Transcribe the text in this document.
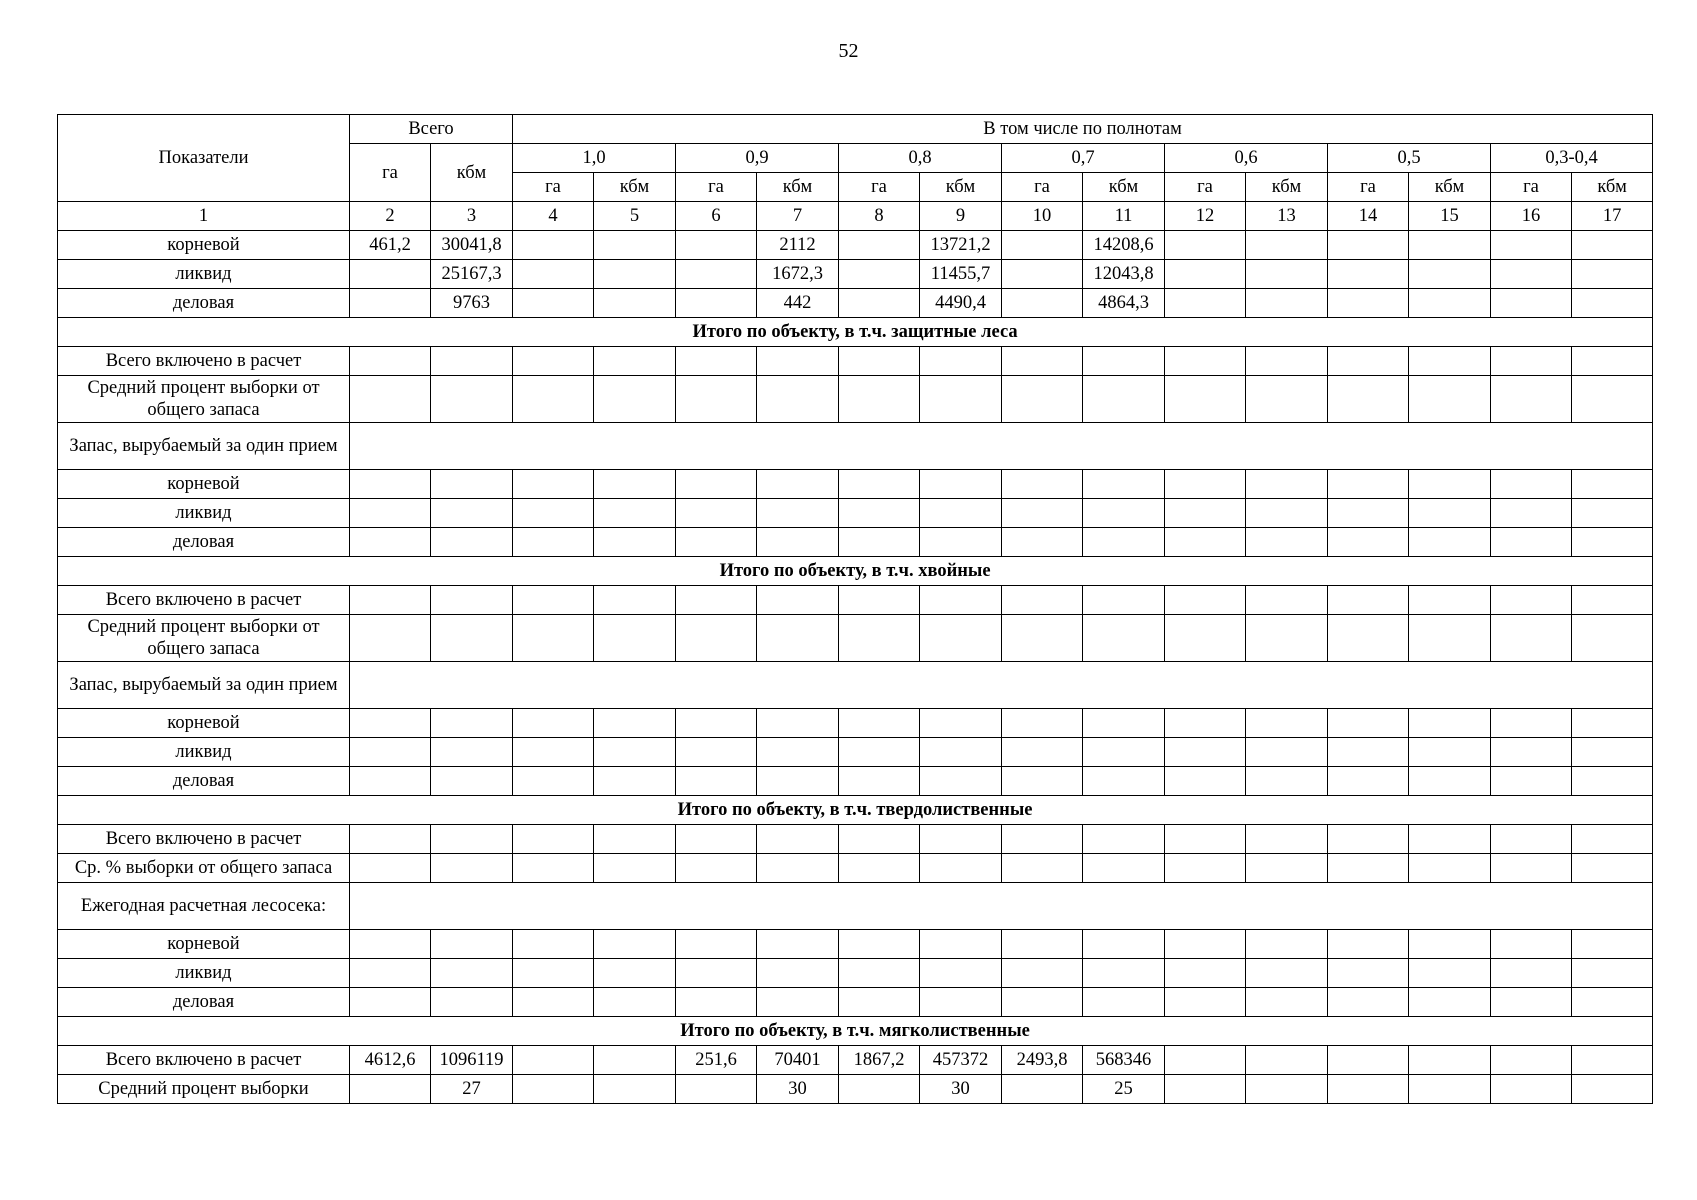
52
Показатели	Всего		В том числе по полнотам													
	га	кбм	1,0		0,9		0,8		0,7		0,6		0,5		0,3-0,4	
			га	кбм	га	кбм	га	кбм	га	кбм	га	кбм	га	кбм	га	кбм
1	2	3	4	5	6	7	8	9	10	11	12	13	14	15	16	17
корневой	461,2	30041,8				2112		13721,2		14208,6						
ликвид		25167,3				1672,3		11455,7		12043,8						
деловая		9763				442		4490,4		4864,3						
Итого по объекту, в т.ч. защитные леса																
Всего включено в расчет																
Средний процент выборки от общего запаса																
Запас, вырубаемый за один прием																
корневой																
ликвид																
деловая																
Итого по объекту, в т.ч. хвойные																
Всего включено в расчет																
Средний процент выборки от общего запаса																
Запас, вырубаемый за один прием																
корневой																
ликвид																
деловая																
Итого по объекту, в т.ч. твердолиственные																
Всего включено в расчет																
Ср. % выборки от общего запаса																
Ежегодная расчетная лесосека:																
корневой																
ликвид																
деловая																
Итого по объекту, в т.ч. мягколиственные																
Всего включено в расчет	4612,6	1096119			251,6	70401	1867,2	457372	2493,8	568346						
Средний процент выборки		27				30		30		25						
